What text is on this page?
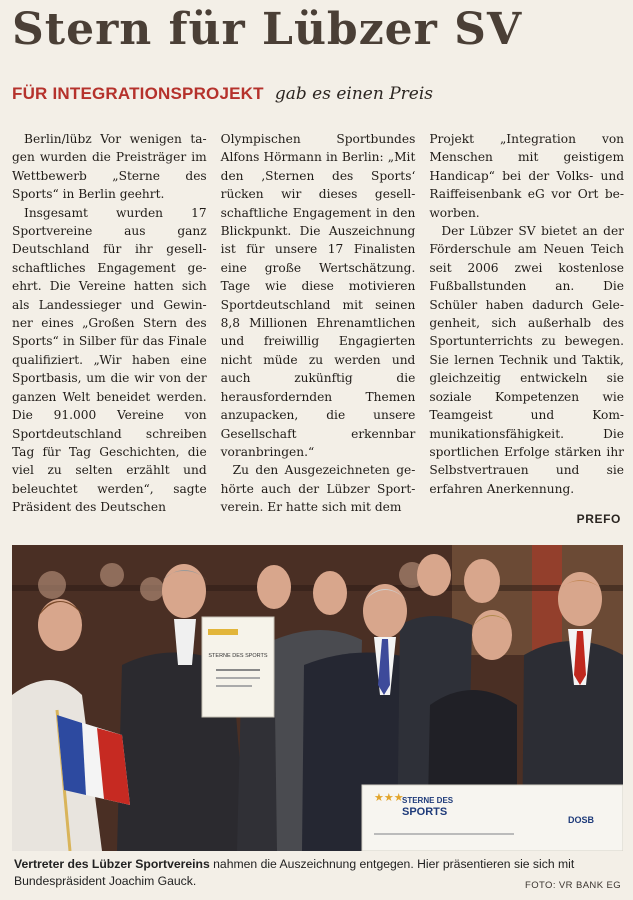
Stern für Lübzer SV
FÜR INTEGRATIONSPROJEKT gab es einen Preis

Berlin/lübz Vor wenigen tagen wurden die Preisträger im Wettbewerb „Sterne des Sports“ in Berlin geehrt.

Insgesamt wurden 17 Sportvereine aus ganz Deutschland für ihr gesellschaftliches Engagement geehrt. Die Vereine hatten sich als Landessieger und Gewinner eines „Großen Stern des Sports“ in Silber für das Finale qualifiziert. „Wir haben eine Sportbasis, um die wir von der ganzen Welt beneidet werden. Die 91.000 Vereine von Sportdeutschland schreiben Tag für Tag Geschichten, die viel zu selten erzählt und beleuchtet werden“, sagte Präsident des Deutschen

Olympischen Sportbundes Alfons Hörmann in Berlin: „Mit den ‚Sternen des Sports‘ rücken wir dieses gesellschaftliche Engagement in den Blickpunkt. Die Auszeichnung ist für unsere 17 Finalisten eine große Wertschätzung. Tage wie diese motivieren Sportdeutschland mit seinen 8,8 Millionen Ehrenamtlichen und freiwillig Engagierten nicht müde zu werden und auch zukünftig die herausfordernden Themen anzupacken, die unsere Gesellschaft erkennbar voranbringen.“

Zu den Ausgezeichneten gehörte auch der Lübzer Sportverein. Er hatte sich mit dem

Projekt „Integration von Menschen mit geistigem Handicap“ bei der Volks- und Raiffeisenbank eG vor Ort beworben.

Der Lübzer SV bietet an der Förderschule am Neuen Teich seit 2006 zwei kostenlose Fußballstunden an. Die Schüler haben dadurch Gelegenheit, sich außerhalb des Sportunterrichts zu bewegen. Sie lernen Technik und Taktik, gleichzeitig entwickeln sie soziale Kompetenzen wie Teamgeist und Kommunikationsfähigkeit. Die sportlichen Erfolge stärken ihr Selbstvertrauen und sie erfahren Anerkennung.

PREFO
STERNE DES SPORTS
★★★
STERNE DES
SPORTS
DOSB
Vertreter des Lübzer Sportvereins nahmen die Auszeichnung entgegen. Hier präsentieren sie sich mit Bundespräsident Joachim Gauck.	FOTO: VR BANK EG
